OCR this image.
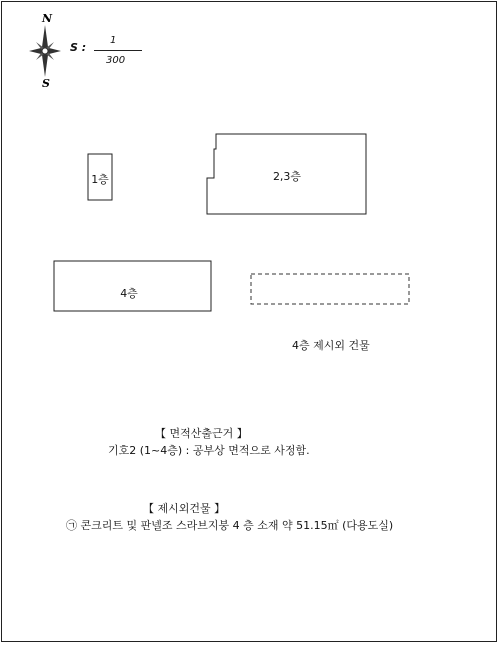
N
S
S :
1
300
1층	2,3층
4층
4층 제시외 건물
【 면적산출근거 】
기호2 (1~4층) : 공부상 면적으로 사정함.
【 제시외건물 】
㉠ 콘크리트 및 판넬조 스라브지붕 4 층 소재 약 51.15㎡ (다용도실)
